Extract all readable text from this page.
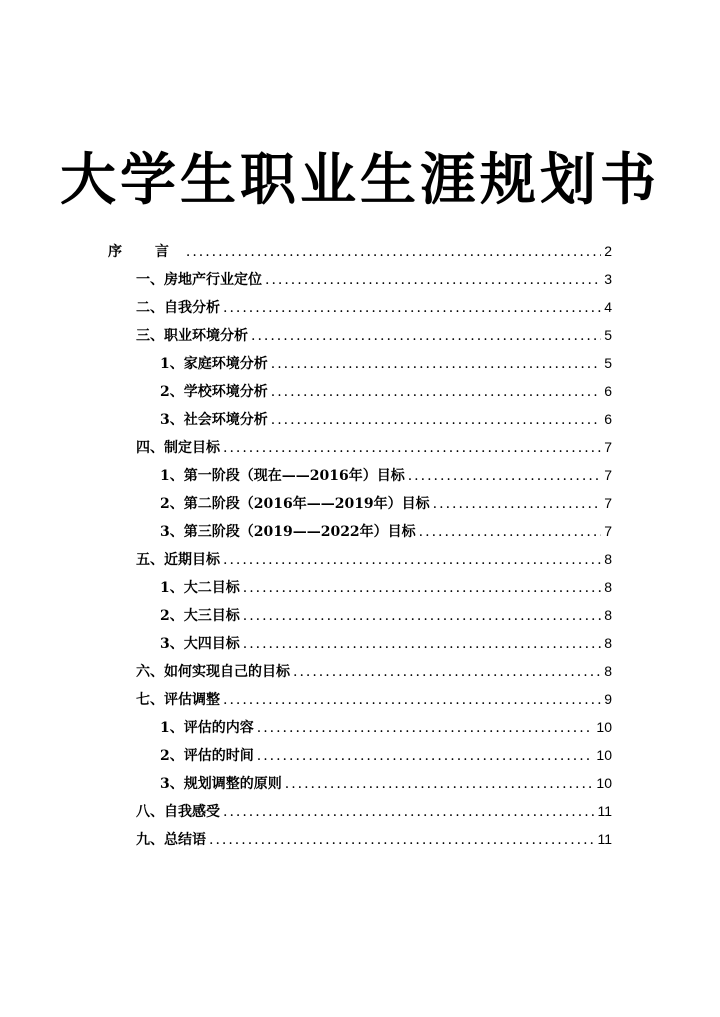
大学生职业生涯规划书
序 言 .....	2
一、房地产行业定位 .....	3
二、自我分析 .....	4
三、职业环境分析 .....	5
1、家庭环境分析 .....	5
2、学校环境分析 .....	6
3、社会环境分析 .....	6
四、制定目标 .....	7
1、第一阶段（现在——2016年）目标 .....	7
2、第二阶段（2016年——2019年）目标 .....	7
3、第三阶段（2019——2022年）目标 .....	7
五、近期目标 .....	8
1、大二目标 .....	8
2、大三目标 .....	8
3、大四目标 .....	8
六、如何实现自己的目标 .....	8
七、评估调整 .....	9
1、评估的内容 .....	10
2、评估的时间 .....	10
3、规划调整的原则 .....	10
八、自我感受 .....	11
九、总结语 .....	11
